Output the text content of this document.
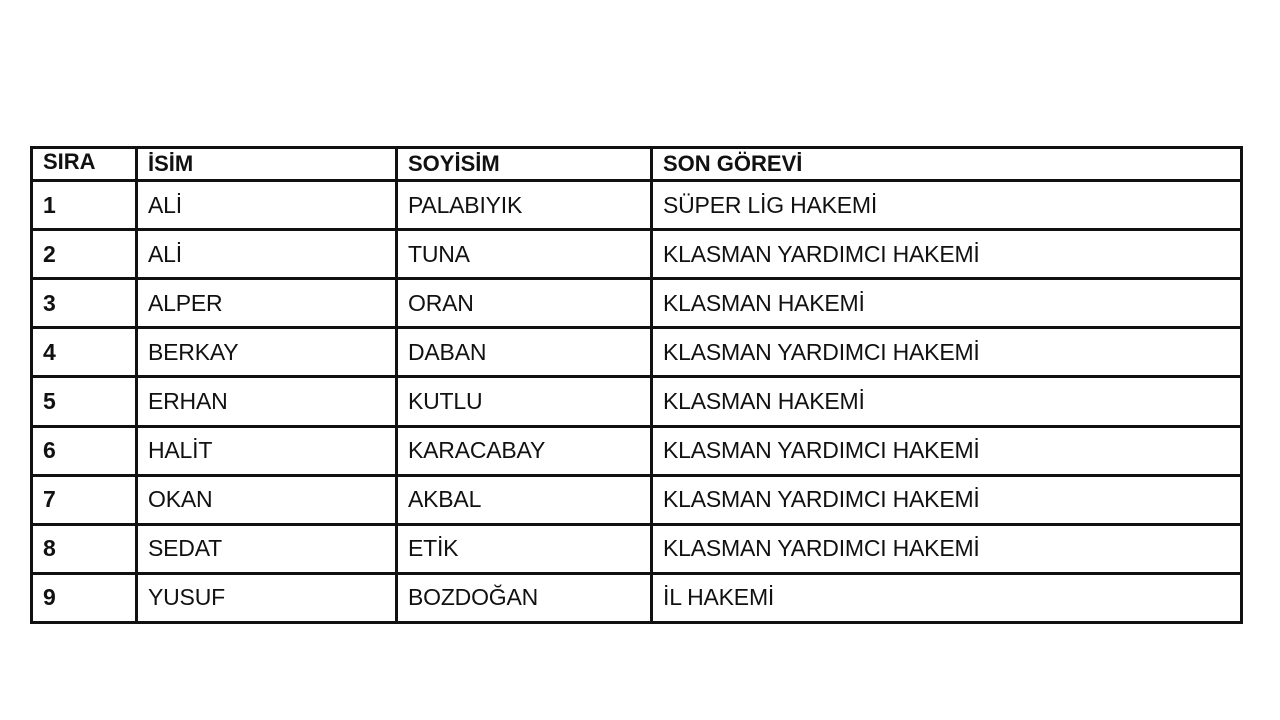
SIRA	İSİM	SOYİSİM	SON GÖREVİ
1	ALİ	PALABIYIK	SÜPER LİG HAKEMİ
2	ALİ	TUNA	KLASMAN YARDIMCI HAKEMİ
3	ALPER	ORAN	KLASMAN HAKEMİ
4	BERKAY	DABAN	KLASMAN YARDIMCI HAKEMİ
5	ERHAN	KUTLU	KLASMAN HAKEMİ
6	HALİT	KARACABAY	KLASMAN YARDIMCI HAKEMİ
7	OKAN	AKBAL	KLASMAN YARDIMCI HAKEMİ
8	SEDAT	ETİK	KLASMAN YARDIMCI HAKEMİ
9	YUSUF	BOZDOĞAN	İL HAKEMİ
